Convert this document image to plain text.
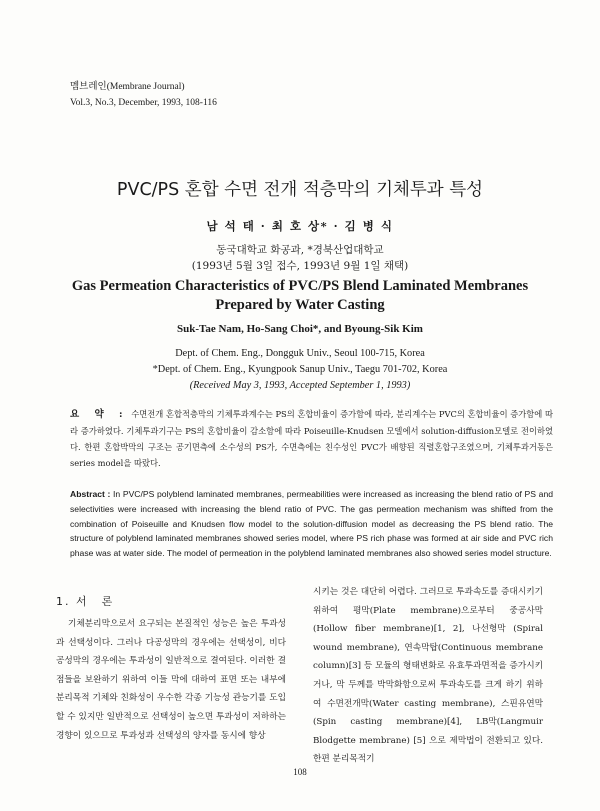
멤브레인(Membrane Journal)
Vol.3, No.3, December, 1993, 108-116
PVC/PS 혼합 수면 전개 적층막의 기체투과 특성
남 석 태 · 최 호 상* · 김 병 식
동국대학교 화공과, *경북산업대학교
(1993년 5월 3일 접수, 1993년 9월 1일 채택)
Gas Permeation Characteristics of PVC/PS Blend Laminated Membranes
Prepared by Water Casting
Suk-Tae Nam, Ho-Sang Choi*, and Byoung-Sik Kim
Dept. of Chem. Eng., Dongguk Univ., Seoul 100-715, Korea
*Dept. of Chem. Eng., Kyungpook Sanup Univ., Taegu 701-702, Korea
(Received May 3, 1993, Accepted September 1, 1993)
요 약 : 수면전개 혼합적층막의 기체투과계수는 PS의 혼합비율이 증가함에 따라, 분리계수는 PVC의 혼합비율이 증가함에 따라 증가하였다. 기체투과기구는 PS의 혼합비율이 감소함에 따라 Poiseuille-Knudsen 모델에서 solution-diffusion모델로 전이하였다. 한편 혼합박막의 구조는 공기면측에 소수성의 PS가, 수면측에는 친수성인 PVC가 배향된 직렬혼합구조였으며, 기체투과거동은 series model을 따랐다.
Abstract : In PVC/PS polyblend laminated membranes, permeabilities were increased as increasing the blend ratio of PS and selectivities were increased with increasing the blend ratio of PVC. The gas permeation mechanism was shifted from the combination of Poiseuille and Knudsen flow model to the solution-diffusion model as decreasing the PS blend ratio. The structure of polyblend laminated membranes showed series model, where PS rich phase was formed at air side and PVC rich phase was at water side. The model of permeation in the polyblend laminated membranes also showed series model structure.
1. 서　론
기체분리막으로서 요구되는 본질적인 성능은 높은 투과성과 선택성이다. 그러나 다공성막의 경우에는 선택성이, 비다공성막의 경우에는 투과성이 일반적으로 결여된다. 이러한 결점들을 보완하기 위하여 이들 막에 대하여 표면 또는 내부에 분리목적 기체와 친화성이 우수한 각종 기능성 관능기를 도입할 수 있지만 일반적으로 선택성이 높으면 투과성이 저하하는 경향이 있으므로 투과성과 선택성의 양자를 동시에 향상
시키는 것은 대단히 어렵다. 그러므로 투과속도를 증대시키기 위하여 평막(Plate membrane)으로부터 중공사막 (Hollow fiber membrane)[1, 2], 나선형막 (Spiral wound membrane), 연속막탑(Continuous membrane column)[3] 등 모듈의 형태변화로 유효투과면적을 증가시키거나, 막 두께를 박막화함으로써 투과속도를 크게 하기 위하여 수면전개막(Water casting membrane), 스핀유연막(Spin casting membrane)[4], LB막(Langmuir Blodgette membrane) [5] 으로 제막법이 전환되고 있다. 한편 분리목적기
108
